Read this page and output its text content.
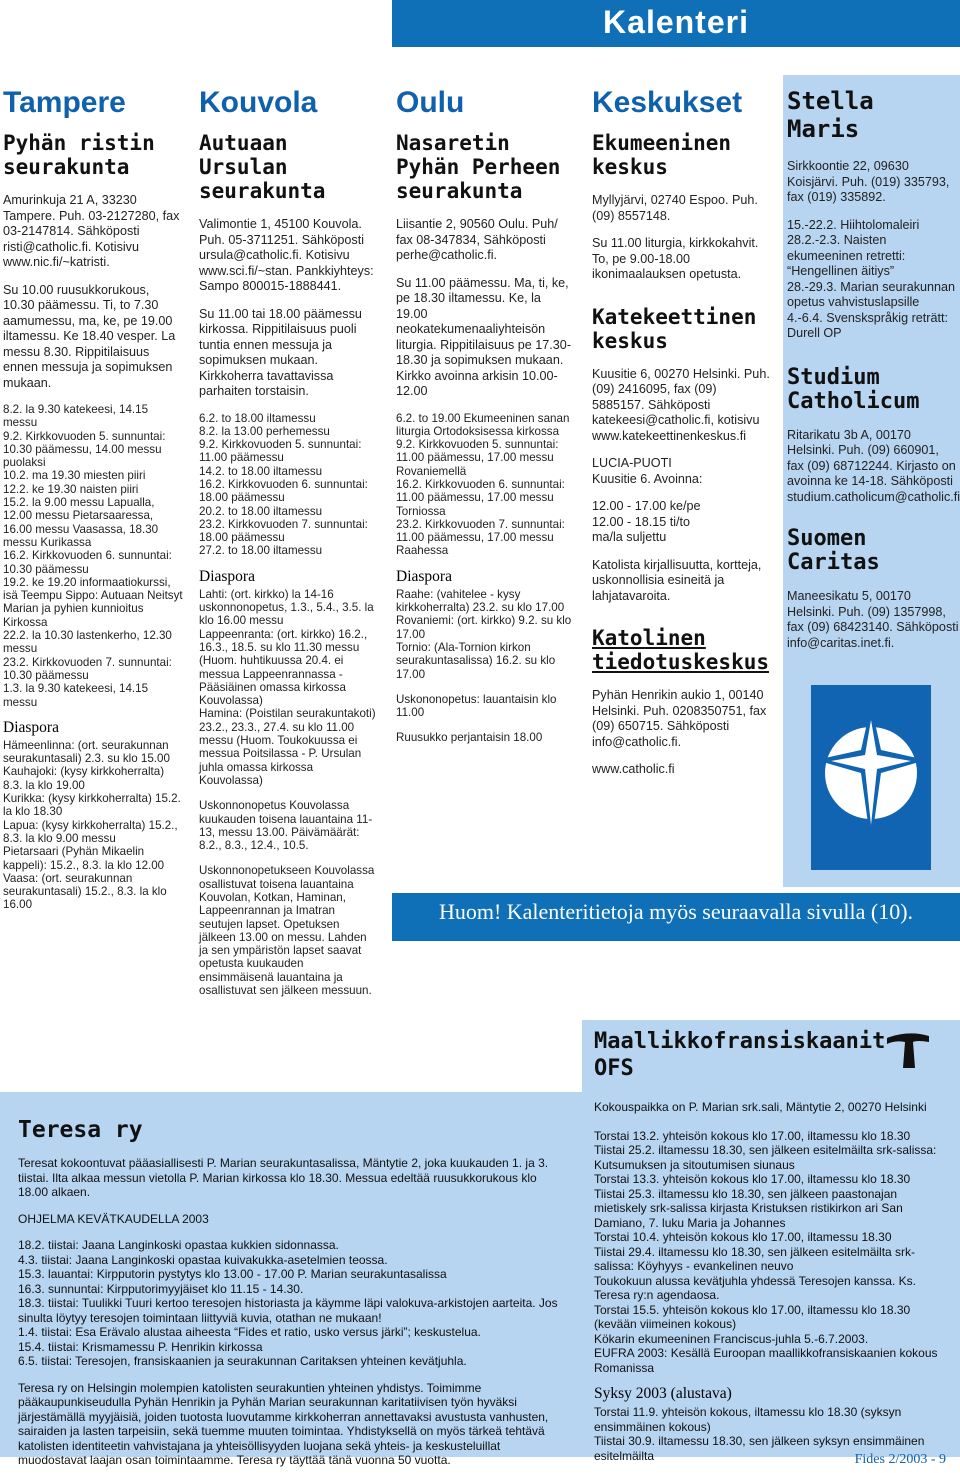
Kalenteri
Tampere
Pyhän ristin seurakunta
Amurinkuja 21 A, 33230 Tampere. Puh. 03-2127280, fax 03-2147814. Sähköposti risti@catholic.fi. Kotisivu www.nic.fi/~katristi.
Su 10.00 ruusukkorukous, 10.30 päämessu. Ti, to 7.30 aamumessu, ma, ke, pe 19.00 iltamessu. Ke 18.40 vesper. La messu 8.30. Rippitilaisuus ennen messuja ja sopimuksen mukaan.
8.2. la 9.30 katekeesi, 14.15 messu
9.2. Kirkkovuoden 5. sunnuntai: 10.30 päämessu, 14.00 messu puolaksi
10.2. ma 19.30 miesten piiri
12.2. ke 19.30 naisten piiri
15.2. la 9.00 messu Lapualla, 12.00 messu Pietarsaaressa, 16.00 messu Vaasassa, 18.30 messu Kurikassa
16.2. Kirkkovuoden 6. sunnuntai: 10.30 päämessu
19.2. ke 19.20 informaatiokurssi, isä Teempu Sippo: Autuaan Neitsyt Marian ja pyhien kunnioitus Kirkossa
22.2. la 10.30 lastenkerho, 12.30 messu
23.2. Kirkkovuoden 7. sunnuntai: 10.30 päämessu
1.3. la 9.30 katekeesi, 14.15 messu
Diaspora
Hämeenlinna: (ort. seurakunnan seurakuntasali) 2.3. su klo 15.00
Kauhajoki: (kysy kirkkoherralta) 8.3. la klo 19.00
Kurikka: (kysy kirkkoherralta) 15.2. la klo 18.30
Lapua: (kysy kirkkoherralta) 15.2., 8.3. la klo 9.00 messu
Pietarsaari (Pyhän Mikaelin kappeli): 15.2., 8.3. la klo 12.00
Vaasa: (ort. seurakunnan seurakuntasali) 15.2., 8.3. la klo 16.00
Kouvola
Autuaan Ursulan seurakunta
Valimontie 1, 45100 Kouvola. Puh. 05-3711251. Sähköposti ursula@catholic.fi. Kotisivu www.sci.fi/~stan. Pankkiyhteys: Sampo 800015-1888441.
Su 11.00 tai 18.00 päämessu kirkossa. Rippitilaisuus puoli tuntia ennen messuja ja sopimuksen mukaan. Kirkkoherra tavattavissa parhaiten torstaisin.
6.2. to 18.00 iltamessu
8.2. la 13.00 perhemessu
9.2. Kirkkovuoden 5. sunnuntai: 11.00 päämessu
14.2. to 18.00 iltamessu
16.2. Kirkkovuoden 6. sunnuntai: 18.00 päämessu
20.2. to 18.00 iltamessu
23.2. Kirkkovuoden 7. sunnuntai: 18.00 päämessu
27.2. to 18.00 iltamessu
Diaspora
Lahti: (ort. kirkko) la 14-16 uskonnonopetus, 1.3., 5.4., 3.5. la klo 16.00 messu
Lappeenranta: (ort. kirkko) 16.2., 16.3., 18.5. su klo 11.30 messu (Huom. huhtikuussa 20.4. ei messua Lappeenrannassa - Pääsiäinen omassa kirkossa Kouvolassa)
Hamina: (Poistilan seurakuntakoti) 23.2., 23.3., 27.4. su klo 11.00 messu (Huom. Toukokuussa ei messua Poitsilassa - P. Ursulan juhla omassa kirkossa Kouvolassa)
Uskonnonopetus Kouvolassa kuukauden toisena lauantaina 11-13, messu 13.00. Päivämäärät: 8.2., 8.3., 12.4., 10.5.
Uskonnonopetukseen Kouvolassa osallistuvat toisena lauantaina Kouvolan, Kotkan, Haminan, Lappeenrannan ja Imatran seutujen lapset. Opetuksen jälkeen 13.00 on messu. Lahden ja sen ympäristön lapset saavat opetusta kuukauden ensimmäisenä lauantaina ja osallistuvat sen jälkeen messuun.
Oulu
Nasaretin Pyhän Perheen seurakunta
Liisantie 2, 90560 Oulu. Puh/ fax 08-347834, Sähköposti perhe@catholic.fi.
Su 11.00 päämessu. Ma, ti, ke, pe 18.30 iltamessu. Ke, la 19.00 neokatekumenaaliyhteisön liturgia. Rippitilaisuus pe 17.30-18.30 ja sopimuksen mukaan. Kirkko avoinna arkisin 10.00-12.00
6.2. to 19.00 Ekumeeninen sanan liturgia Ortodoksisessa kirkossa
9.2. Kirkkovuoden 5. sunnuntai: 11.00 päämessu, 17.00 messu Rovaniemellä
16.2. Kirkkovuoden 6. sunnuntai: 11.00 päämessu, 17.00 messu Torniossa
23.2. Kirkkovuoden 7. sunnuntai: 11.00 päämessu, 17.00 messu Raahessa
Diaspora
Raahe: (vahitelee - kysy kirkkoherralta) 23.2. su klo 17.00
Rovaniemi: (ort. kirkko) 9.2. su klo 17.00
Tornio: (Ala-Tornion kirkon seurakuntasalissa) 16.2. su klo 17.00
Uskononopetus: lauantaisin klo 11.00
Ruusukko perjantaisin 18.00
Keskukset
Ekumeeninen keskus
Myllyjärvi, 02740 Espoo. Puh. (09) 8557148.
Su 11.00 liturgia, kirkkokahvit. To, pe 9.00-18.00 ikonimaalauksen opetusta.
Katekeettinen keskus
Kuusitie 6, 00270 Helsinki. Puh. (09) 2416095, fax (09) 5885157. Sähköposti katekeesi@catholic.fi, kotisivu www.katekeettinenkeskus.fi
LUCIA-PUOTI
Kuusitie 6. Avoinna:
12.00 - 17.00 ke/pe
12.00 - 18.15 ti/to
ma/la suljettu
Katolista kirjallisuutta, kortteja, uskonnollisia esineitä ja lahjatavaroita.
Katolinen tiedotuskeskus
Pyhän Henrikin aukio 1, 00140 Helsinki. Puh. 0208350751, fax (09) 650715. Sähköposti info@catholic.fi.
www.catholic.fi
Stella Maris
Sirkkoontie 22, 09630 Koisjärvi. Puh. (019) 335793, fax (019) 335892.
15.-22.2. Hiihtolomaleiri
28.2.-2.3. Naisten ekumeeninen retretti: “Hengellinen äitiys”
28.-29.3. Marian seurakunnan opetus vahvistuslapsille
4.-6.4. Svenskspråkig reträtt: Durell OP
Studium Catholicum
Ritarikatu 3b A, 00170 Helsinki. Puh. (09) 660901, fax (09) 68712244. Kirjasto on avoinna ke 14-18. Sähköposti studium.catholicum@catholic.fi
Suomen Caritas
Maneesikatu 5, 00170 Helsinki. Puh. (09) 1357998, fax (09) 68423140. Sähköposti info@caritas.inet.fi.
Huom! Kalenteritietoja myös seuraavalla sivulla (10).
Maallikkofransiskaanit OFS
Kokouspaikka on P. Marian srk.sali, Mäntytie 2, 00270 Helsinki
Torstai 13.2. yhteisön kokous klo 17.00, iltamessu klo 18.30
Tiistai 25.2. iltamessu 18.30, sen jälkeen esitelmäilta srk-salissa: Kutsumuksen ja sitoutumisen siunaus
Torstai 13.3. yhteisön kokous klo 17.00, iltamessu klo 18.30
Tiistai 25.3. iltamessu klo 18.30, sen jälkeen paastonajan mietiskely srk-salissa kirjasta Kristuksen ristikirkon ari San Damiano, 7. luku Maria ja Johannes
Torstai 10.4. yhteisön kokous klo 17.00, iltamessu 18.30
Tiistai 29.4. iltamessu klo 18.30, sen jälkeen esitelmäilta srk-salissa: Köyhyys - evankelinen neuvo
Toukokuun alussa kevätjuhla yhdessä Teresojen kanssa. Ks. Teresa ry:n agendaosa.
Torstai 15.5. yhteisön kokous klo 17.00, iltamessu klo 18.30 (kevään viimeinen kokous)
Kökarin ekumeeninen Franciscus-juhla 5.-6.7.2003.
EUFRA 2003: Kesällä Euroopan maallikkofransiskaanien kokous Romanissa
Syksy 2003 (alustava)
Torstai 11.9. yhteisön kokous, iltamessu klo 18.30 (syksyn ensimmäinen kokous)
Tiistai 30.9. iltamessu 18.30, sen jälkeen syksyn ensimmäinen esitelmäilta
Teresa ry
Teresat kokoontuvat pääasiallisesti P. Marian seurakuntasalissa, Mäntytie 2, joka kuukauden 1. ja 3. tiistai. Ilta alkaa messun vietolla P. Marian kirkossa klo 18.30. Messua edeltää ruusukkorukous klo 18.00 alkaen.
OHJELMA KEVÄTKAUDELLA 2003
18.2. tiistai: Jaana Langinkoski opastaa kukkien sidonnassa.
4.3. tiistai: Jaana Langinkoski opastaa kuivakukka-asetelmien teossa.
15.3. lauantai: Kirpputorin pystytys klo 13.00 - 17.00 P. Marian seurakuntasalissa
16.3. sunnuntai: Kirpputorimyyjäiset klo 11.15 - 14.30.
18.3. tiistai: Tuulikki Tuuri kertoo teresojen historiasta ja käymme läpi valokuva-arkistojen aarteita. Jos sinulta löytyy teresojen toimintaan liittyviä kuvia, otathan ne mukaan!
1.4. tiistai: Esa Erävalo alustaa aiheesta “Fides et ratio, usko versus järki”; keskustelua.
15.4. tiistai: Krismamessu P. Henrikin kirkossa
6.5. tiistai: Teresojen, fransiskaanien ja seurakunnan Caritaksen yhteinen kevätjuhla.
Teresa ry on Helsingin molempien katolisten seurakuntien yhteinen yhdistys. Toimimme pääkaupunkiseudulla Pyhän Henrikin ja Pyhän Marian seurakunnan karitatiivisen työn hyväksi järjestämällä myyjäisiä, joiden tuotosta luovutamme kirkkoherran annettavaksi avustusta vanhusten, sairaiden ja lasten tarpeisiin, sekä tuemme muuten toimintaa. Yhdistyksellä on myös tärkeä tehtävä katolisten identiteetin vahvistajana ja yhteisöllisyyden luojana sekä yhteis- ja keskusteluillat muodostavat laajan osan toimintaamme. Teresa ry täyttää tänä vuonna 50 vuotta.	Fides 2/2003 - 9
